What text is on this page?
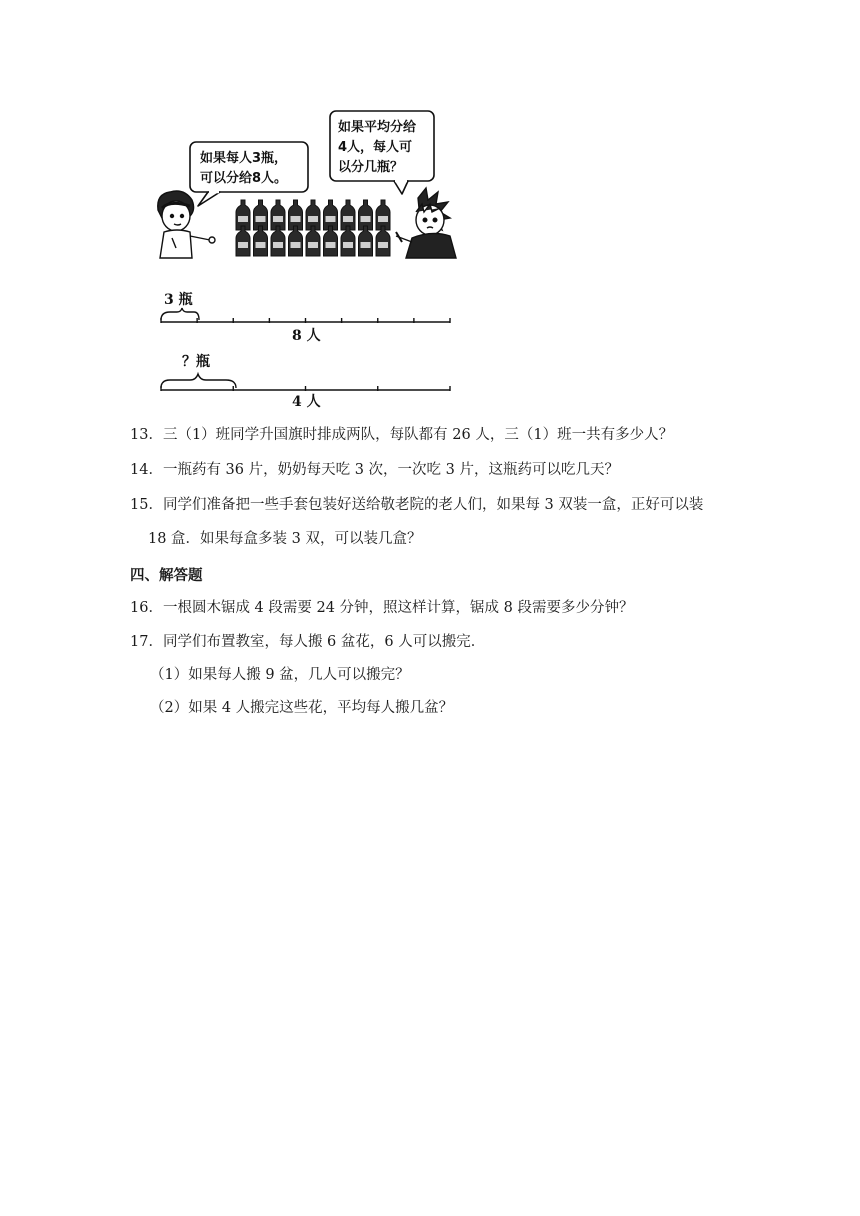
如果每人3瓶，
可以分给8人。
如果平均分给
4人，每人可
以分几瓶？
3 瓶
8 人
？瓶
4 人
13．三（1）班同学升国旗时排成两队，每队都有 26 人，三（1）班一共有多少人？
14．一瓶药有 36 片，奶奶每天吃 3 次，一次吃 3 片，这瓶药可以吃几天？
15．同学们准备把一些手套包装好送给敬老院的老人们，如果每 3 双装一盒，正好可以装
18 盒．如果每盒多装 3 双，可以装几盒？
四、解答题
16．一根圆木锯成 4 段需要 24 分钟，照这样计算，锯成 8 段需要多少分钟？
17．同学们布置教室，每人搬 6 盆花，6 人可以搬完．
（1）如果每人搬 9 盆，几人可以搬完？
（2）如果 4 人搬完这些花，平均每人搬几盆？
